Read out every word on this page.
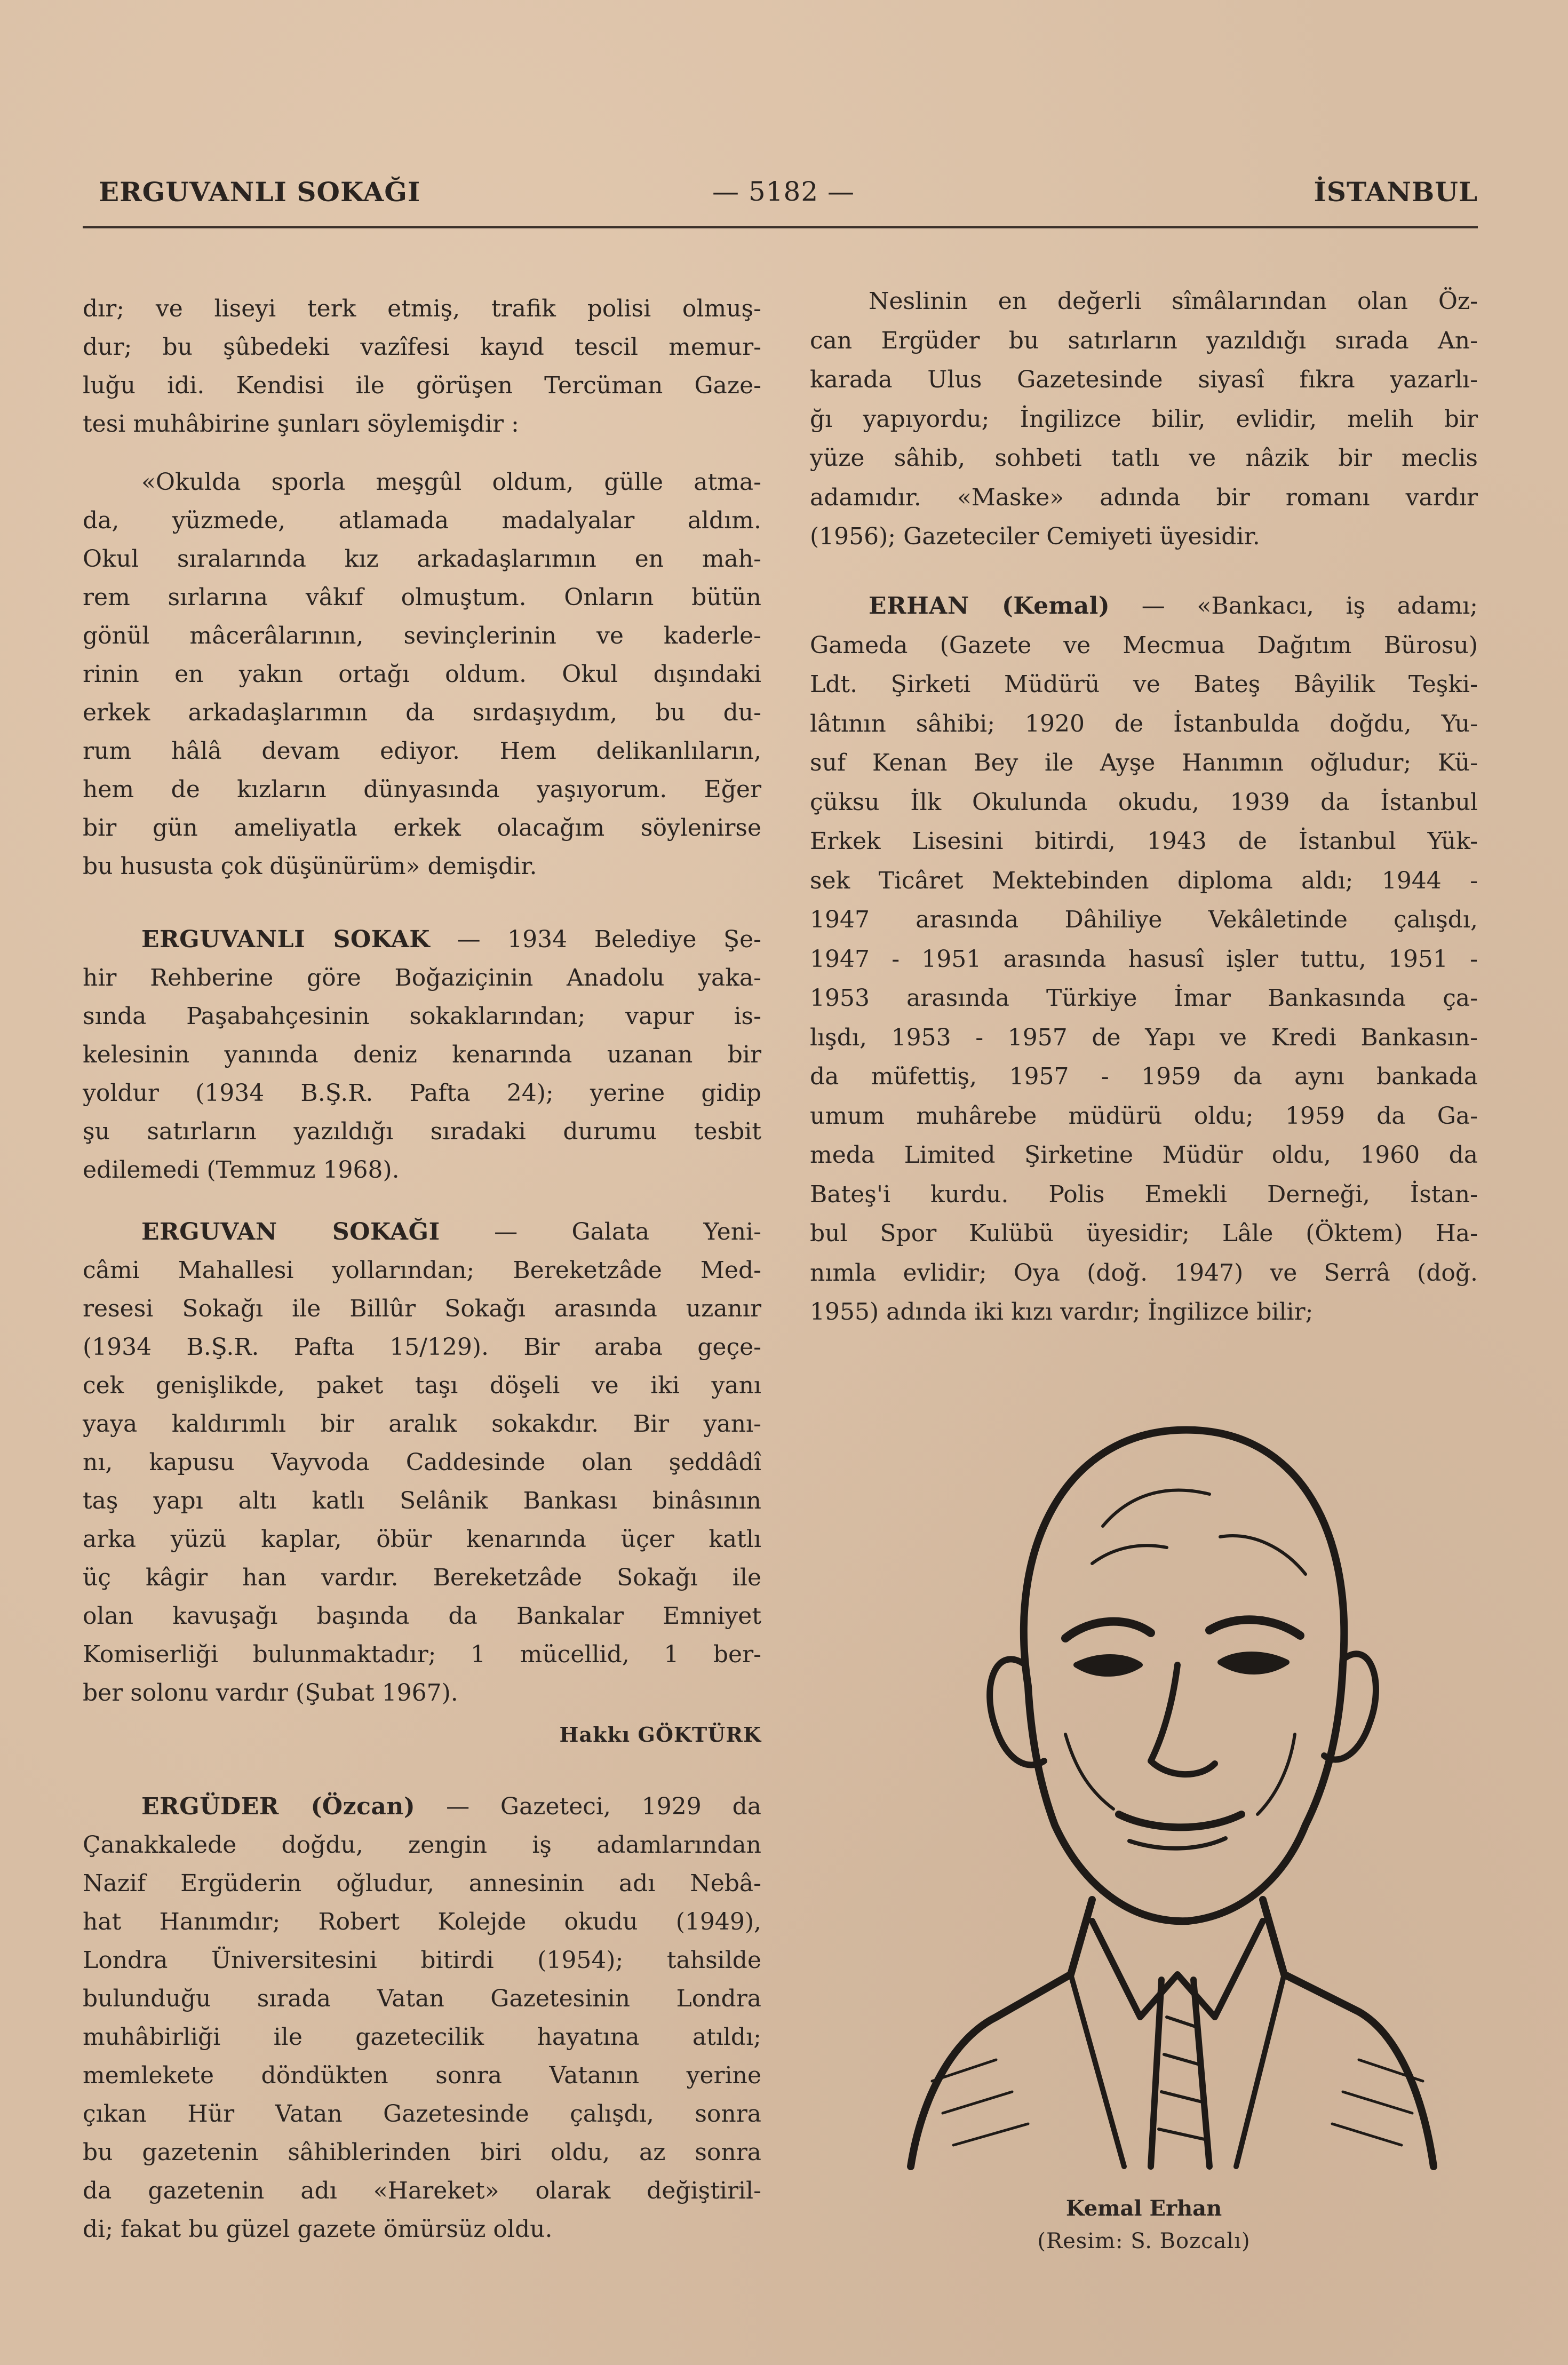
ERGUVANLI SOKAĞI	— 5182 —	İSTANBUL
dır; ve liseyi terk etmiş, trafik polisi olmuş-
dur; bu şûbedeki vazîfesi kayıd tescil memur-
luğu idi. Kendisi ile görüşen Tercüman Gaze-
tesi muhâbirine şunları söylemişdir :
«Okulda sporla meşgûl oldum, gülle atma-
da, yüzmede, atlamada madalyalar aldım.
Okul sıralarında kız arkadaşlarımın en mah-
rem sırlarına vâkıf olmuştum. Onların bütün
gönül mâcerâlarının, sevinçlerinin ve kaderle-
rinin en yakın ortağı oldum. Okul dışındaki
erkek arkadaşlarımın da sırdaşıydım, bu du-
rum hâlâ devam ediyor. Hem delikanlıların,
hem de kızların dünyasında yaşıyorum. Eğer
bir gün ameliyatla erkek olacağım söylenirse
bu hususta çok düşünürüm» demişdir.
ERGUVANLI SOKAK — 1934 Belediye Şe-
hir Rehberine göre Boğaziçinin Anadolu yaka-
sında Paşabahçesinin sokaklarından; vapur is-
kelesinin yanında deniz kenarında uzanan bir
yoldur (1934 B.Ş.R. Pafta 24); yerine gidip
şu satırların yazıldığı sıradaki durumu tesbit
edilemedi (Temmuz 1968).
ERGUVAN SOKAĞI — Galata Yeni-
câmi Mahallesi yollarından; Bereketzâde Med-
resesi Sokağı ile Billûr Sokağı arasında uzanır
(1934 B.Ş.R. Pafta 15/129). Bir araba geçe-
cek genişlikde, paket taşı döşeli ve iki yanı
yaya kaldırımlı bir aralık sokakdır. Bir yanı-
nı, kapusu Vayvoda Caddesinde olan şeddâdî
taş yapı altı katlı Selânik Bankası binâsının
arka yüzü kaplar, öbür kenarında üçer katlı
üç kâgir han vardır. Bereketzâde Sokağı ile
olan kavuşağı başında da Bankalar Emniyet
Komiserliği bulunmaktadır; 1 mücellid, 1 ber-
ber solonu vardır (Şubat 1967).
Hakkı GÖKTÜRK
ERGÜDER (Özcan) — Gazeteci, 1929 da
Çanakkalede doğdu, zengin iş adamlarından
Nazif Ergüderin oğludur, annesinin adı Nebâ-
hat Hanımdır; Robert Kolejde okudu (1949),
Londra Üniversitesini bitirdi (1954); tahsilde
bulunduğu sırada Vatan Gazetesinin Londra
muhâbirliği ile gazetecilik hayatına atıldı;
memlekete döndükten sonra Vatanın yerine
çıkan Hür Vatan Gazetesinde çalışdı, sonra
bu gazetenin sâhiblerinden biri oldu, az sonra
da gazetenin adı «Hareket» olarak değiştiril-
di; fakat bu güzel gazete ömürsüz oldu.
Neslinin en değerli sîmâlarından olan Öz-
can Ergüder bu satırların yazıldığı sırada An-
karada Ulus Gazetesinde siyasî fıkra yazarlı-
ğı yapıyordu; İngilizce bilir, evlidir, melih bir
yüze sâhib, sohbeti tatlı ve nâzik bir meclis
adamıdır. «Maske» adında bir romanı vardır
(1956); Gazeteciler Cemiyeti üyesidir.
ERHAN (Kemal) — «Bankacı, iş adamı;
Gameda (Gazete ve Mecmua Dağıtım Bürosu)
Ldt. Şirketi Müdürü ve Bateş Bâyilik Teşki-
lâtının sâhibi; 1920 de İstanbulda doğdu, Yu-
suf Kenan Bey ile Ayşe Hanımın oğludur; Kü-
çüksu İlk Okulunda okudu, 1939 da İstanbul
Erkek Lisesini bitirdi, 1943 de İstanbul Yük-
sek Ticâret Mektebinden diploma aldı; 1944 -
1947 arasında Dâhiliye Vekâletinde çalışdı,
1947 - 1951 arasında hasusî işler tuttu, 1951 -
1953 arasında Türkiye İmar Bankasında ça-
lışdı, 1953 - 1957 de Yapı ve Kredi Bankasın-
da müfettiş, 1957 - 1959 da aynı bankada
umum muhârebe müdürü oldu; 1959 da Ga-
meda Limited Şirketine Müdür oldu, 1960 da
Bateş'i kurdu. Polis Emekli Derneği, İstan-
bul Spor Kulübü üyesidir; Lâle (Öktem) Ha-
nımla evlidir; Oya (doğ. 1947) ve Serrâ (doğ.
1955) adında iki kızı vardır; İngilizce bilir;
Kemal Erhan
(Resim: S. Bozcalı)
